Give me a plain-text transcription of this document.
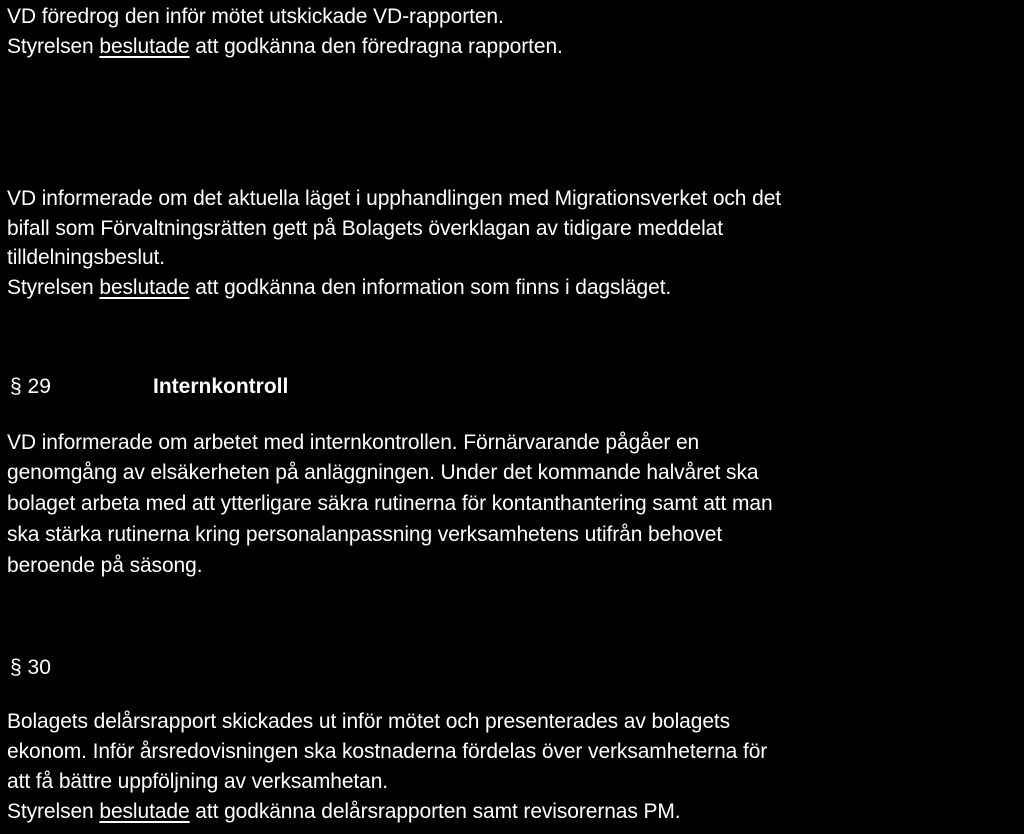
VD föredrog den inför mötet utskickade VD-rapporten.
Styrelsen beslutade att godkänna den föredragna rapporten.
VD informerade om det aktuella läget i upphandlingen med Migrationsverket och det
bifall som Förvaltningsrätten gett på Bolagets överklagan av tidigare meddelat
tilldelningsbeslut.
Styrelsen beslutade att godkänna den information som finns i dagsläget.
§ 29	Internkontroll
VD informerade om arbetet med internkontrollen. Förnärvarande pågåer en
genomgång av elsäkerheten på anläggningen. Under det kommande halvåret ska
bolaget arbeta med att ytterligare säkra rutinerna för kontanthantering samt att man
ska stärka rutinerna kring personalanpassning verksamhetens utifrån behovet
beroende på säsong.
§ 30
Bolagets delårsrapport skickades ut inför mötet och presenterades av bolagets
ekonom. Inför årsredovisningen ska kostnaderna fördelas över verksamheterna för
att få bättre uppföljning av verksamhetan.
Styrelsen beslutade att godkänna delårsrapporten samt revisorernas PM.
